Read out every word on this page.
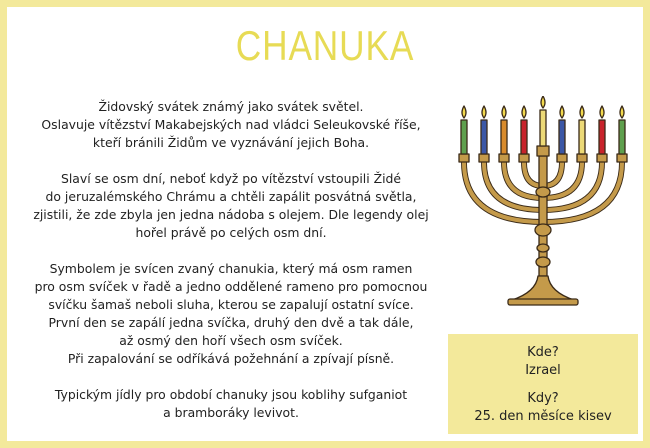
CHANUKA
Židovský svátek známý jako svátek světel.
Oslavuje vítězství Makabejských nad vládci Seleukovské říše,
kteří bránili Židům ve vyznávání jejich Boha.
Slaví se osm dní, neboť když po vítězství vstoupili Židé
do jeruzalémského Chrámu a chtěli zapálit posvátná světla,
zjistili, že zde zbyla jen jedna nádoba s olejem. Dle legendy olej
hořel právě po celých osm dní.
Symbolem je svícen zvaný chanukia, který má osm ramen
pro osm svíček v řadě a jedno oddělené rameno pro pomocnou
svíčku šamaš neboli sluha, kterou se zapalují ostatní svíce.
První den se zapálí jedna svíčka, druhý den dvě a tak dále,
až osmý den hoří všech osm svíček.
Při zapalování se odříkává požehnání a zpívají písně.
Typickým jídly pro období chanuky jsou koblihy sufganiot
a bramboráky levivot.
Kde?
Izrael
Kdy?
25. den měsíce kisev
